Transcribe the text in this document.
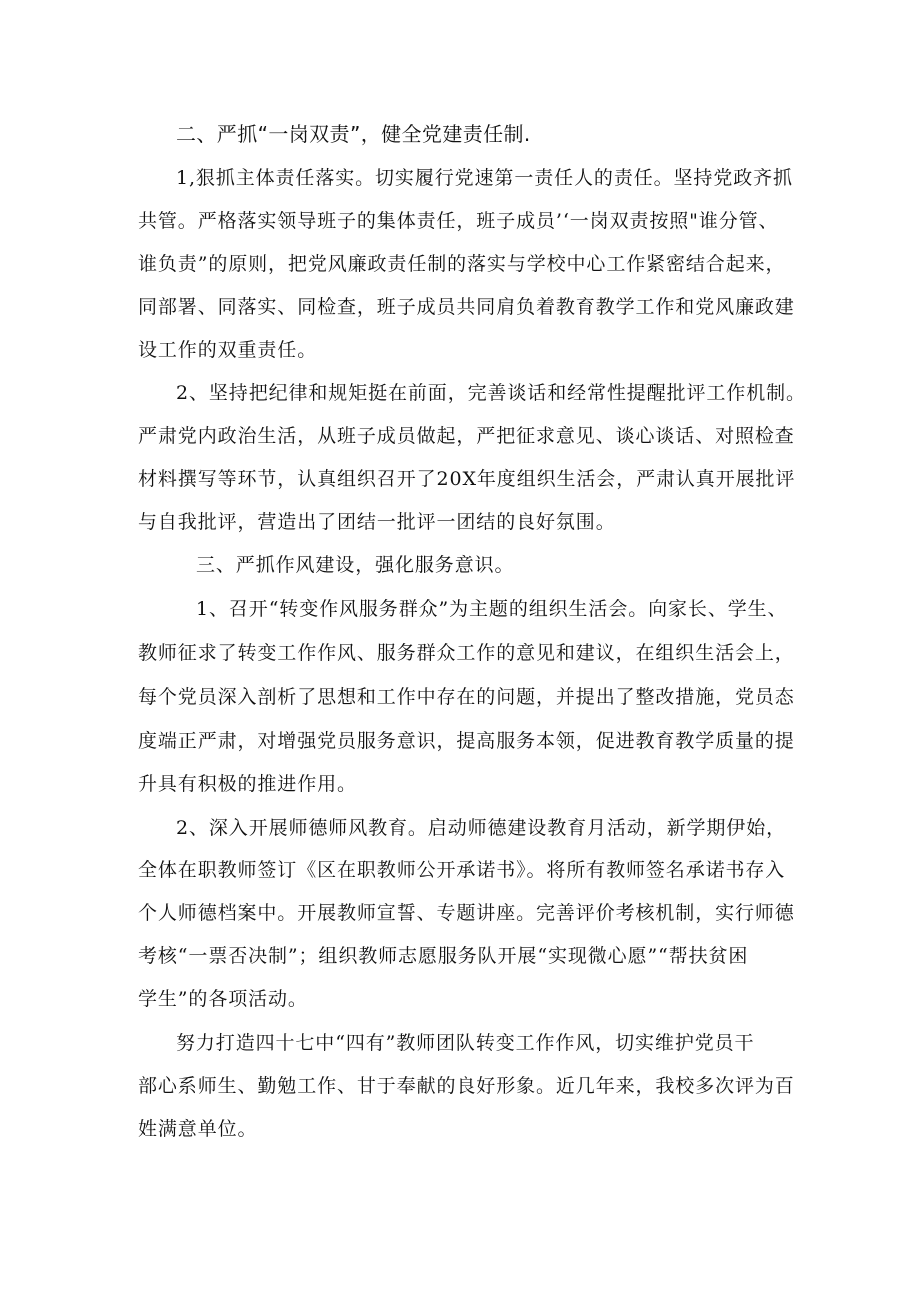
二、严抓“一岗双责”，健全党建责任制.
1,狠抓主体责任落实。切实履行党速第一责任人的责任。坚持党政齐抓
共管。严格落实领导班子的集体责任，班子成员’‘一岗双责按照"谁分管、
谁负责”的原则，把党风廉政责任制的落实与学校中心工作紧密结合起来，
同部署、同落实、同检查，班子成员共同肩负着教育教学工作和党风廉政建
设工作的双重责任。
2、坚持把纪律和规矩挺在前面，完善谈话和经常性提醒批评工作机制。
严肃党内政治生活，从班子成员做起，严把征求意见、谈心谈话、对照检查
材料撰写等环节，认真组织召开了20X年度组织生活会，严肃认真开展批评
与自我批评，营造出了团结一批评一团结的良好氛围。
三、严抓作风建设，强化服务意识。
1、召开“转变作风服务群众”为主题的组织生活会。向家长、学生、
教师征求了转变工作作风、服务群众工作的意见和建议，在组织生活会上，
每个党员深入剖析了思想和工作中存在的问题，并提出了整改措施，党员态
度端正严肃，对增强党员服务意识，提高服务本领，促进教育教学质量的提
升具有积极的推进作用。
2、深入开展师德师风教育。启动师德建设教育月活动，新学期伊始，
全体在职教师签订《区在职教师公开承诺书》。将所有教师签名承诺书存入
个人师德档案中。开展教师宣誓、专题讲座。完善评价考核机制，实行师德
考核“一票否决制”；组织教师志愿服务队开展“实现微心愿”“帮扶贫困
学生”的各项活动。
努力打造四十七中“四有”教师团队转变工作作风，切实维护党员干
部心系师生、勤勉工作、甘于奉献的良好形象。近几年来，我校多次评为百
姓满意单位。
